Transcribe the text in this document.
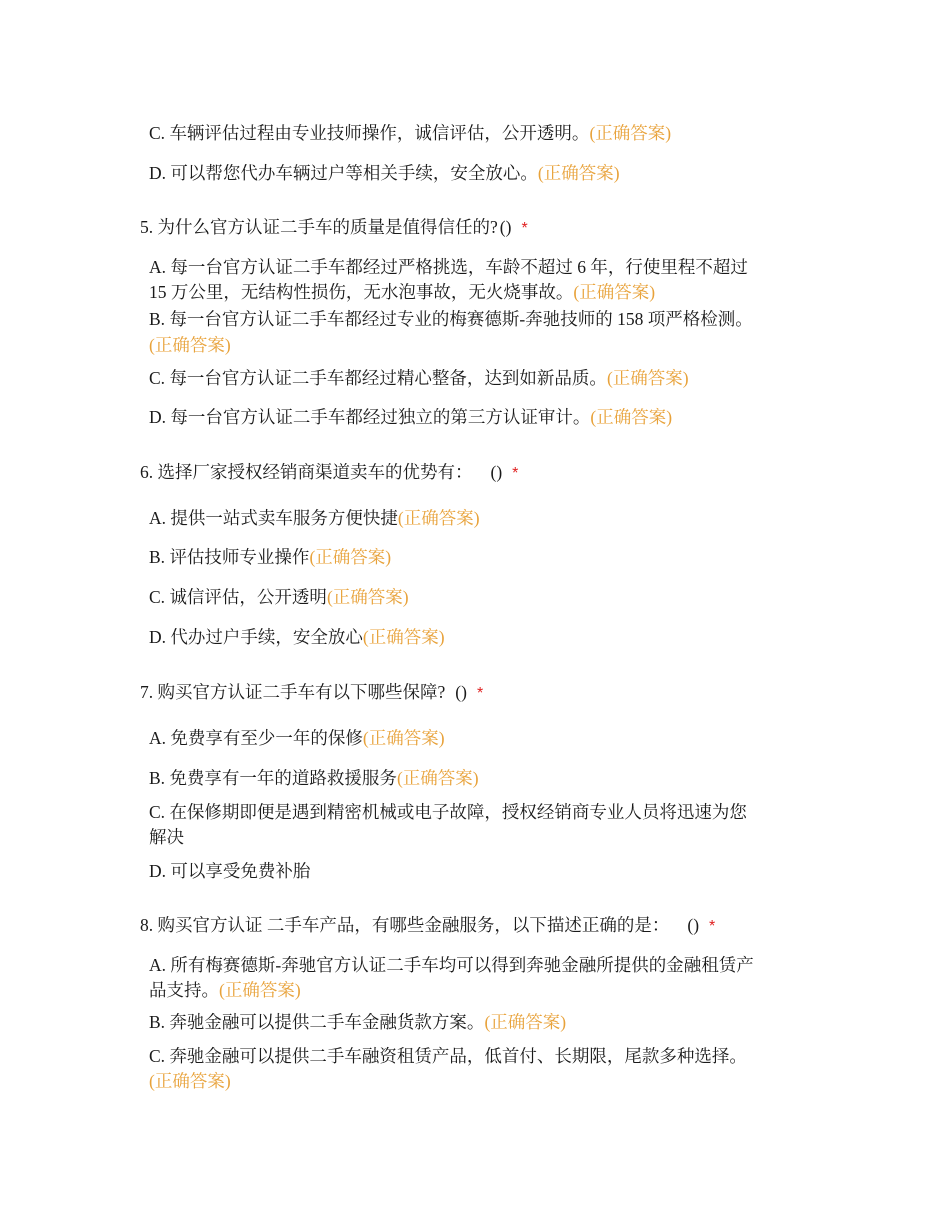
C. 车辆评估过程由专业技师操作，诚信评估，公开透明。(正确答案)
D. 可以帮您代办车辆过户等相关手续，安全放心。(正确答案)
5. 为什么官方认证二手车的质量是值得信任的? () *
A. 每一台官方认证二手车都经过严格挑选，车龄不超过 6 年，行使里程不超过
15 万公里，无结构性损伤，无水泡事故，无火烧事故。(正确答案)
B. 每一台官方认证二手车都经过专业的梅赛德斯-奔驰技师的 158 项严格检测。
(正确答案)
C. 每一台官方认证二手车都经过精心整备，达到如新品质。(正确答案)
D. 每一台官方认证二手车都经过独立的第三方认证审计。(正确答案)
6. 选择厂家授权经销商渠道卖车的优势有： () *
A. 提供一站式卖车服务方便快捷(正确答案)
B. 评估技师专业操作(正确答案)
C. 诚信评估，公开透明(正确答案)
D. 代办过户手续，安全放心(正确答案)
7. 购买官方认证二手车有以下哪些保障? () *
A. 免费享有至少一年的保修(正确答案)
B. 免费享有一年的道路救援服务(正确答案)
C. 在保修期即便是遇到精密机械或电子故障，授权经销商专业人员将迅速为您
解决
D. 可以享受免费补胎
8. 购买官方认证 二手车产品，有哪些金融服务，以下描述正确的是： () *
A. 所有梅赛德斯-奔驰官方认证二手车均可以得到奔驰金融所提供的金融租赁产
品支持。(正确答案)
B. 奔驰金融可以提供二手车金融货款方案。(正确答案)
C. 奔驰金融可以提供二手车融资租赁产品，低首付、长期限，尾款多种选择。
(正确答案)
